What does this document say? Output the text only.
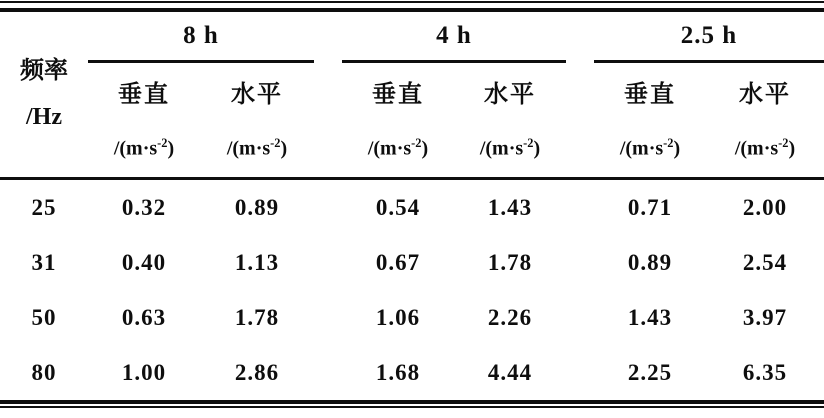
频率
/Hz	8 h			4 h			2.5 h	
	垂直	水平		垂直	水平		垂直	水平
	$/(m\cdot s^{-2})$	$/(m\cdot s^{-2})$		$/(m\cdot s^{-2})$	$/(m\cdot s^{-2})$		$/(m\cdot s^{-2})$	$/(m\cdot s^{-2})$
25	0.32	0.89		0.54	1.43		0.71	2.00
31	0.40	1.13		0.67	1.78		0.89	2.54
50	0.63	1.78		1.06	2.26		1.43	3.97
80	1.00	2.86		1.68	4.44		2.25	6.35
